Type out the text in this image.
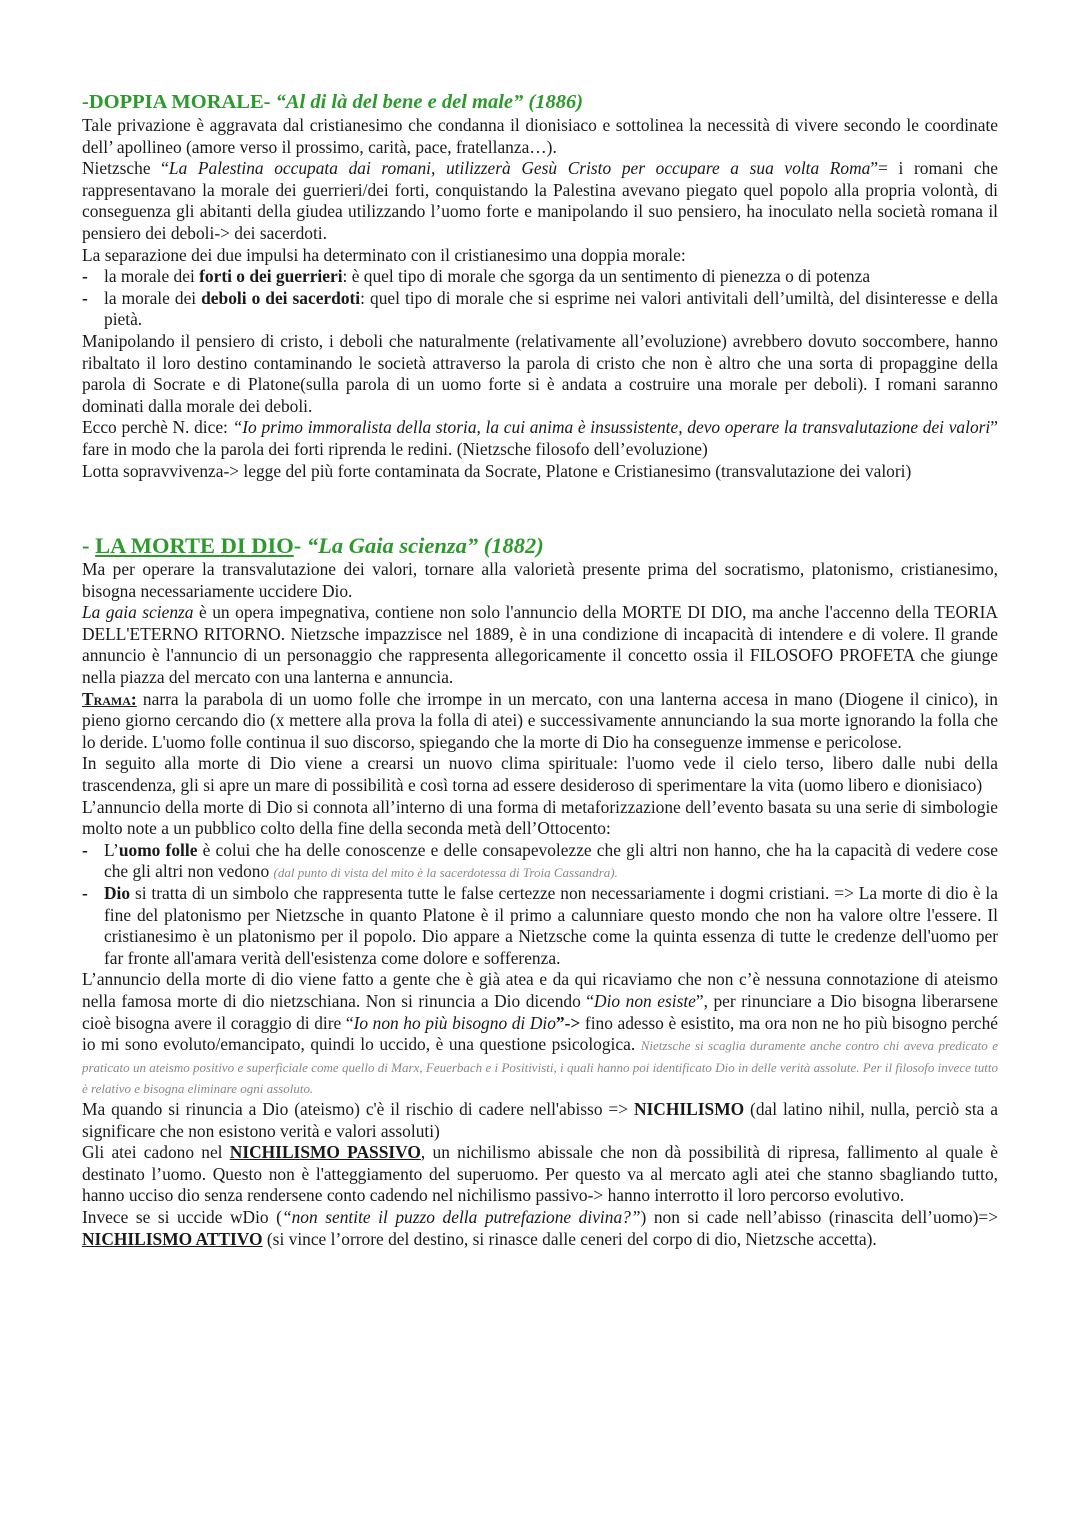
-DOPPIA MORALE- “Al di là del bene e del male” (1886)

Tale privazione è aggravata dal cristianesimo che condanna il dionisiaco e sottolinea la necessità di vivere secondo le coordinate dell’ apollineo (amore verso il prossimo, carità, pace, fratellanza…).

Nietzsche “La Palestina occupata dai romani, utilizzerà Gesù Cristo per occupare a sua volta Roma”= i romani che rappresentavano la morale dei guerrieri/dei forti, conquistando la Palestina avevano piegato quel popolo alla propria volontà, di conseguenza gli abitanti della giudea utilizzando l’uomo forte e manipolando il suo pensiero, ha inoculato nella società romana il pensiero dei deboli-> dei sacerdoti.

La separazione dei due impulsi ha determinato con il cristianesimo una doppia morale:

- la morale dei forti o dei guerrieri: è quel tipo di morale che sgorga da un sentimento di pienezza o di potenza
- la morale dei deboli o dei sacerdoti: quel tipo di morale che si esprime nei valori antivitali dell’umiltà, del disinteresse e della pietà.

Manipolando il pensiero di cristo, i deboli che naturalmente (relativamente all’evoluzione) avrebbero dovuto soccombere, hanno ribaltato il loro destino contaminando le società attraverso la parola di cristo che non è altro che una sorta di propaggine della parola di Socrate e di Platone(sulla parola di un uomo forte si è andata a costruire una morale per deboli). I romani saranno dominati dalla morale dei deboli.

Ecco perchè N. dice: “Io primo immoralista della storia, la cui anima è insussistente, devo operare la transvalutazione dei valori” fare in modo che la parola dei forti riprenda le redini. (Nietzsche filosofo dell’evoluzione)

Lotta sopravvivenza-> legge del più forte contaminata da Socrate, Platone e Cristianesimo (transvalutazione dei valori)

- LA MORTE DI DIO- “La Gaia scienza” (1882)

Ma per operare la transvalutazione dei valori, tornare alla valorietà presente prima del socratismo, platonismo, cristianesimo, bisogna necessariamente uccidere Dio.

La gaia scienza è un opera impegnativa, contiene non solo l'annuncio della MORTE DI DIO, ma anche l'accenno della TEORIA DELL'ETERNO RITORNO. Nietzsche impazzisce nel 1889, è in una condizione di incapacità di intendere e di volere. Il grande annuncio è l'annuncio di un personaggio che rappresenta allegoricamente il concetto ossia il FILOSOFO PROFETA che giunge nella piazza del mercato con una lanterna e annuncia.

Trama: narra la parabola di un uomo folle che irrompe in un mercato, con una lanterna accesa in mano (Diogene il cinico), in pieno giorno cercando dio (x mettere alla prova la folla di atei) e successivamente annunciando la sua morte ignorando la folla che lo deride. L'uomo folle continua il suo discorso, spiegando che la morte di Dio ha conseguenze immense e pericolose.

In seguito alla morte di Dio viene a crearsi un nuovo clima spirituale: l'uomo vede il cielo terso, libero dalle nubi della trascendenza, gli si apre un mare di possibilità e così torna ad essere desideroso di sperimentare la vita (uomo libero e dionisiaco)

L’annuncio della morte di Dio si connota all’interno di una forma di metaforizzazione dell’evento basata su una serie di simbologie molto note a un pubblico colto della fine della seconda metà dell’Ottocento:

- L’uomo folle è colui che ha delle conoscenze e delle consapevolezze che gli altri non hanno, che ha la capacità di vedere cose che gli altri non vedono (dal punto di vista del mito è la sacerdotessa di Troia Cassandra).
- Dio si tratta di un simbolo che rappresenta tutte le false certezze non necessariamente i dogmi cristiani. => La morte di dio è la fine del platonismo per Nietzsche in quanto Platone è il primo a calunniare questo mondo che non ha valore oltre l'essere. Il cristianesimo è un platonismo per il popolo. Dio appare a Nietzsche come la quinta essenza di tutte le credenze dell'uomo per far fronte all'amara verità dell'esistenza come dolore e sofferenza.

L’annuncio della morte di dio viene fatto a gente che è già atea e da qui ricaviamo che non c’è nessuna connotazione di ateismo nella famosa morte di dio nietzschiana. Non si rinuncia a Dio dicendo “Dio non esiste”, per rinunciare a Dio bisogna liberarsene cioè bisogna avere il coraggio di dire “Io non ho più bisogno di Dio”-> fino adesso è esistito, ma ora non ne ho più bisogno perché io mi sono evoluto/emancipato, quindi lo uccido, è una questione psicologica. Nietzsche si scaglia duramente anche contro chi aveva predicato e praticato un ateismo positivo e superficiale come quello di Marx, Feuerbach e i Positivisti, i quali hanno poi identificato Dio in delle verità assolute. Per il filosofo invece tutto è relativo e bisogna eliminare ogni assoluto.

Ma quando si rinuncia a Dio (ateismo) c'è il rischio di cadere nell'abisso => NICHILISMO (dal latino nihil, nulla, perciò sta a significare che non esistono verità e valori assoluti)

Gli atei cadono nel NICHILISMO PASSIVO, un nichilismo abissale che non dà possibilità di ripresa, fallimento al quale è destinato l’uomo. Questo non è l'atteggiamento del superuomo. Per questo va al mercato agli atei che stanno sbagliando tutto, hanno ucciso dio senza rendersene conto cadendo nel nichilismo passivo-> hanno interrotto il loro percorso evolutivo.

Invece se si uccide wDio (“non sentite il puzzo della putrefazione divina?”) non si cade nell’abisso (rinascita dell’uomo)=> NICHILISMO ATTIVO (si vince l’orrore del destino, si rinasce dalle ceneri del corpo di dio, Nietzsche accetta).
